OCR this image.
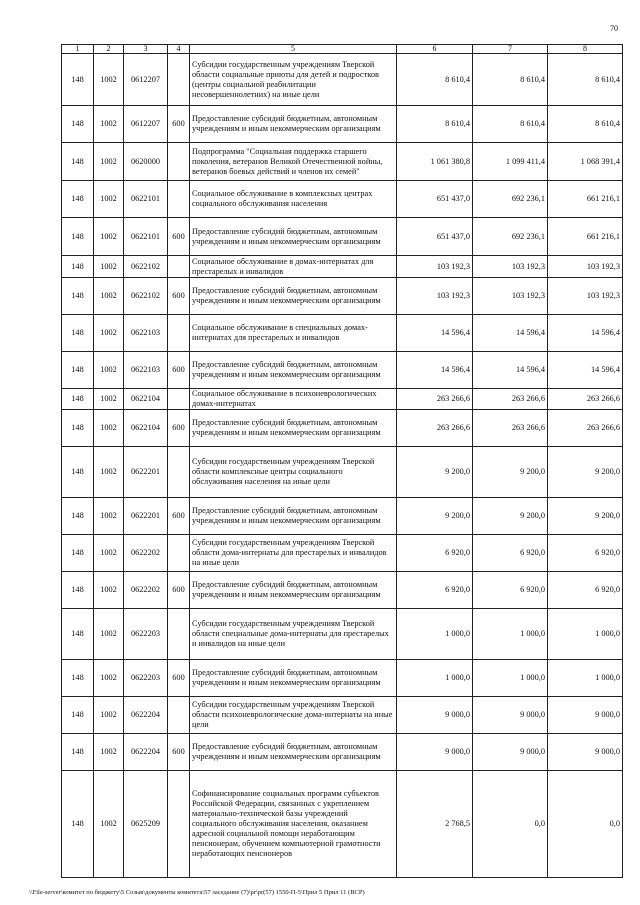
70
1	2	3	4	5	6	7	8
148	1002	0612207		Субсидии государственным учреждениям Тверской области социальные приюты для детей и подростков (центры социальной реабилитации несовершеннолетних) на иные цели	8 610,4	8 610,4	8 610,4
148	1002	0612207	600	Предоставление субсидий бюджетным, автономным учреждениям и иным некоммерческим организациям	8 610,4	8 610,4	8 610,4
148	1002	0620000		Подпрограмма "Социальная поддержка старшего поколения, ветеранов Великой Отечественной войны, ветеранов боевых действий и членов их семей"	1 061 380,8	1 099 411,4	1 068 391,4
148	1002	0622101		Социальное обслуживание в комплексных центрах социального обслуживания населения	651 437,0	692 236,1	661 216,1
148	1002	0622101	600	Предоставление субсидий бюджетным, автономным учреждениям и иным некоммерческим организациям	651 437,0	692 236,1	661 216,1
148	1002	0622102		Социальное обслуживание в домах-интернатах для престарелых и инвалидов	103 192,3	103 192,3	103 192,3
148	1002	0622102	600	Предоставление субсидий бюджетным, автономным учреждениям и иным некоммерческим организациям	103 192,3	103 192,3	103 192,3
148	1002	0622103		Социальное обслуживание в специальных домах-интернатах для престарелых и инвалидов	14 596,4	14 596,4	14 596,4
148	1002	0622103	600	Предоставление субсидий бюджетным, автономным учреждениям и иным некоммерческим организациям	14 596,4	14 596,4	14 596,4
148	1002	0622104		Социальное обслуживание в психоневрологических домах-интернатах	263 266,6	263 266,6	263 266,6
148	1002	0622104	600	Предоставление субсидий бюджетным, автономным учреждениям и иным некоммерческим организациям	263 266,6	263 266,6	263 266,6
148	1002	0622201		Субсидии государственным учреждениям Тверской области комплексные центры социального обслуживания населения на иные цели	9 200,0	9 200,0	9 200,0
148	1002	0622201	600	Предоставление субсидий бюджетным, автономным учреждениям и иным некоммерческим организациям	9 200,0	9 200,0	9 200,0
148	1002	0622202		Субсидии государственным учреждениям Тверской области дома-интернаты для престарелых и инвалидов на иные цели	6 920,0	6 920,0	6 920,0
148	1002	0622202	600	Предоставление субсидий бюджетным, автономным учреждениям и иным некоммерческим организациям	6 920,0	6 920,0	6 920,0
148	1002	0622203		Субсидии государственным учреждениям Тверской области специальные дома-интернаты для престарелых и инвалидов на иные цели	1 000,0	1 000,0	1 000,0
148	1002	0622203	600	Предоставление субсидий бюджетным, автономным учреждениям и иным некоммерческим организациям	1 000,0	1 000,0	1 000,0
148	1002	0622204		Субсидии государственным учреждениям Тверской области психоневрологические дома-интернаты на иные цели	9 000,0	9 000,0	9 000,0
148	1002	0622204	600	Предоставление субсидий бюджетным, автономным учреждениям и иным некоммерческим организациям	9 000,0	9 000,0	9 000,0
148	1002	0625209		Софинансирование социальных программ субъектов Российской Федерации, связанных с укреплением материально-технической базы учреждений социального обслуживания населения, оказанием адресной социальной помощи неработающим пенсионерам, обучением компьютерной грамотности неработающих пенсионеров	2 768,5	0,0	0,0
\\File-server\комитет по бюджету\5 Созыв\документы комитета\57 заседание (7)\pr\pr(57) 1550-П-5\Прил 5 Прил 11 (ВСР)
